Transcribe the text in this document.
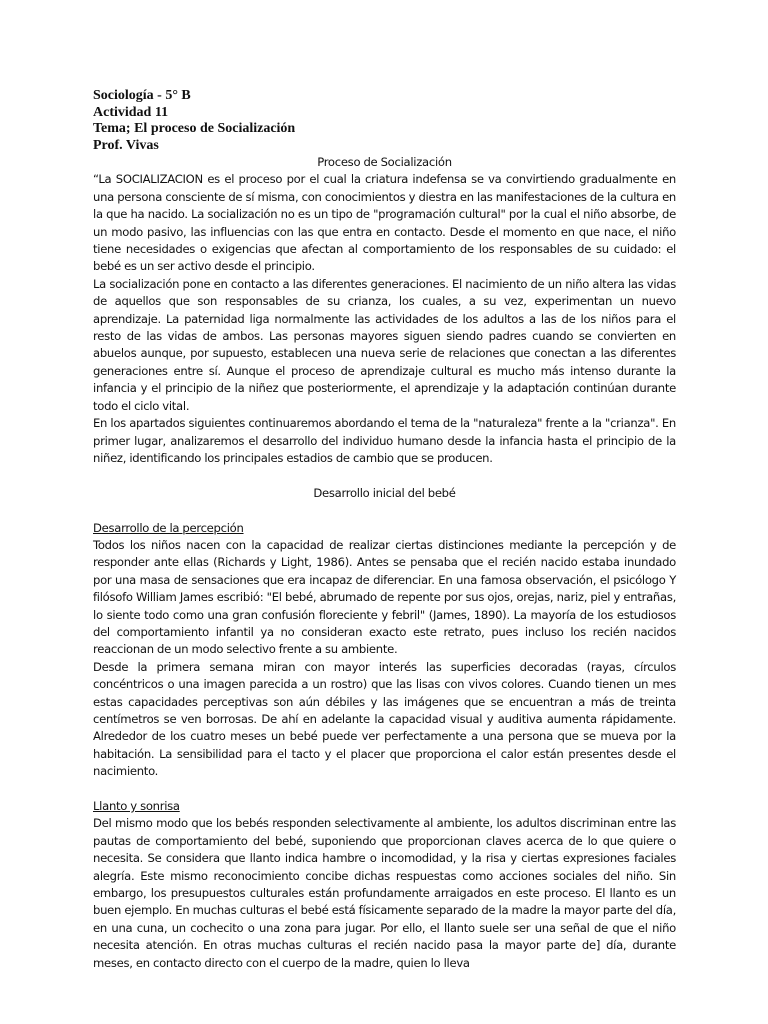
Sociología - 5° B
Actividad 11
Tema; El proceso de Socialización
Prof. Vivas
Proceso de Socialización

“La SOCIALIZACION es el proceso por el cual la criatura indefensa se va convirtiendo gradualmente en una persona consciente de sí misma, con conocimientos y diestra en las manifestaciones de la cultura en la que ha nacido. La socialización no es un tipo de "programación cultural" por la cual el niño absorbe, de un modo pasivo, las influencias con las que entra en contacto. Desde el momento en que nace, el niño tiene necesidades o exigencias que afectan al comportamiento de los responsables de su cuidado: el bebé es un ser activo desde el principio.

La socialización pone en contacto a las diferentes generaciones. El nacimiento de un niño altera las vidas de aquellos que son responsables de su crianza, los cuales, a su vez, experimentan un nuevo aprendizaje. La paternidad liga normalmente las actividades de los adultos a las de los niños para el resto de las vidas de ambos. Las personas mayores siguen siendo padres cuando se convierten en abuelos aunque, por supuesto, establecen una nueva serie de relaciones que conectan a las diferentes generaciones entre sí. Aunque el proceso de aprendizaje cultural es mucho más intenso durante la infancia y el principio de la niñez que posteriormente, el aprendizaje y la adaptación continúan durante todo el ciclo vital.

En los apartados siguientes continuaremos abordando el tema de la "naturaleza" frente a la "crianza". En primer lugar, analizaremos el desarrollo del individuo humano desde la infancia hasta el principio de la niñez, identificando los principales estadios de cambio que se producen.

Desarrollo inicial del bebé
Desarrollo de la percepción

Todos los niños nacen con la capacidad de realizar ciertas distinciones mediante la percepción y de responder ante ellas (Richards y Light, 1986). Antes se pensaba que el recién nacido estaba inundado por una masa de sensaciones que era incapaz de diferenciar. En una famosa observación, el psicólogo Y filósofo William James escribió: "El bebé, abrumado de repente por sus ojos, orejas, nariz, piel y entrañas, lo siente todo como una gran confusión floreciente y febril" (James, 1890). La mayoría de los estudiosos del comportamiento infantil ya no consideran exacto este retrato, pues incluso los recién nacidos reaccionan de un modo selectivo frente a su ambiente.

Desde la primera semana miran con mayor interés las superficies decoradas (rayas, círculos concéntricos o una imagen parecida a un rostro) que las lisas con vivos colores. Cuando tienen un mes estas capacidades perceptivas son aún débiles y las imágenes que se encuentran a más de treinta centímetros se ven borrosas. De ahí en adelante la capacidad visual y auditiva aumenta rápidamente. Alrededor de los cuatro meses un bebé puede ver perfectamente a una persona que se mueva por la habitación. La sensibilidad para el tacto y el placer que proporciona el calor están presentes desde el nacimiento.

Llanto y sonrisa

Del mismo modo que los bebés responden selectivamente al ambiente, los adultos discriminan entre las pautas de comportamiento del bebé, suponiendo que proporcionan claves acerca de lo que quiere o necesita. Se considera que llanto indica hambre o incomodidad, y la risa y ciertas expresiones faciales alegría. Este mismo reconocimiento concibe dichas respuestas como acciones sociales del niño. Sin embargo, los presupuestos culturales están profundamente arraigados en este proceso. El llanto es un buen ejemplo. En muchas culturas el bebé está físicamente separado de la madre la mayor parte del día, en una cuna, un cochecito o una zona para jugar. Por ello, el llanto suele ser una señal de que el niño necesita atención. En otras muchas culturas el recién nacido pasa la mayor parte de] día, durante meses, en contacto directo con el cuerpo de la madre, quien lo lleva
